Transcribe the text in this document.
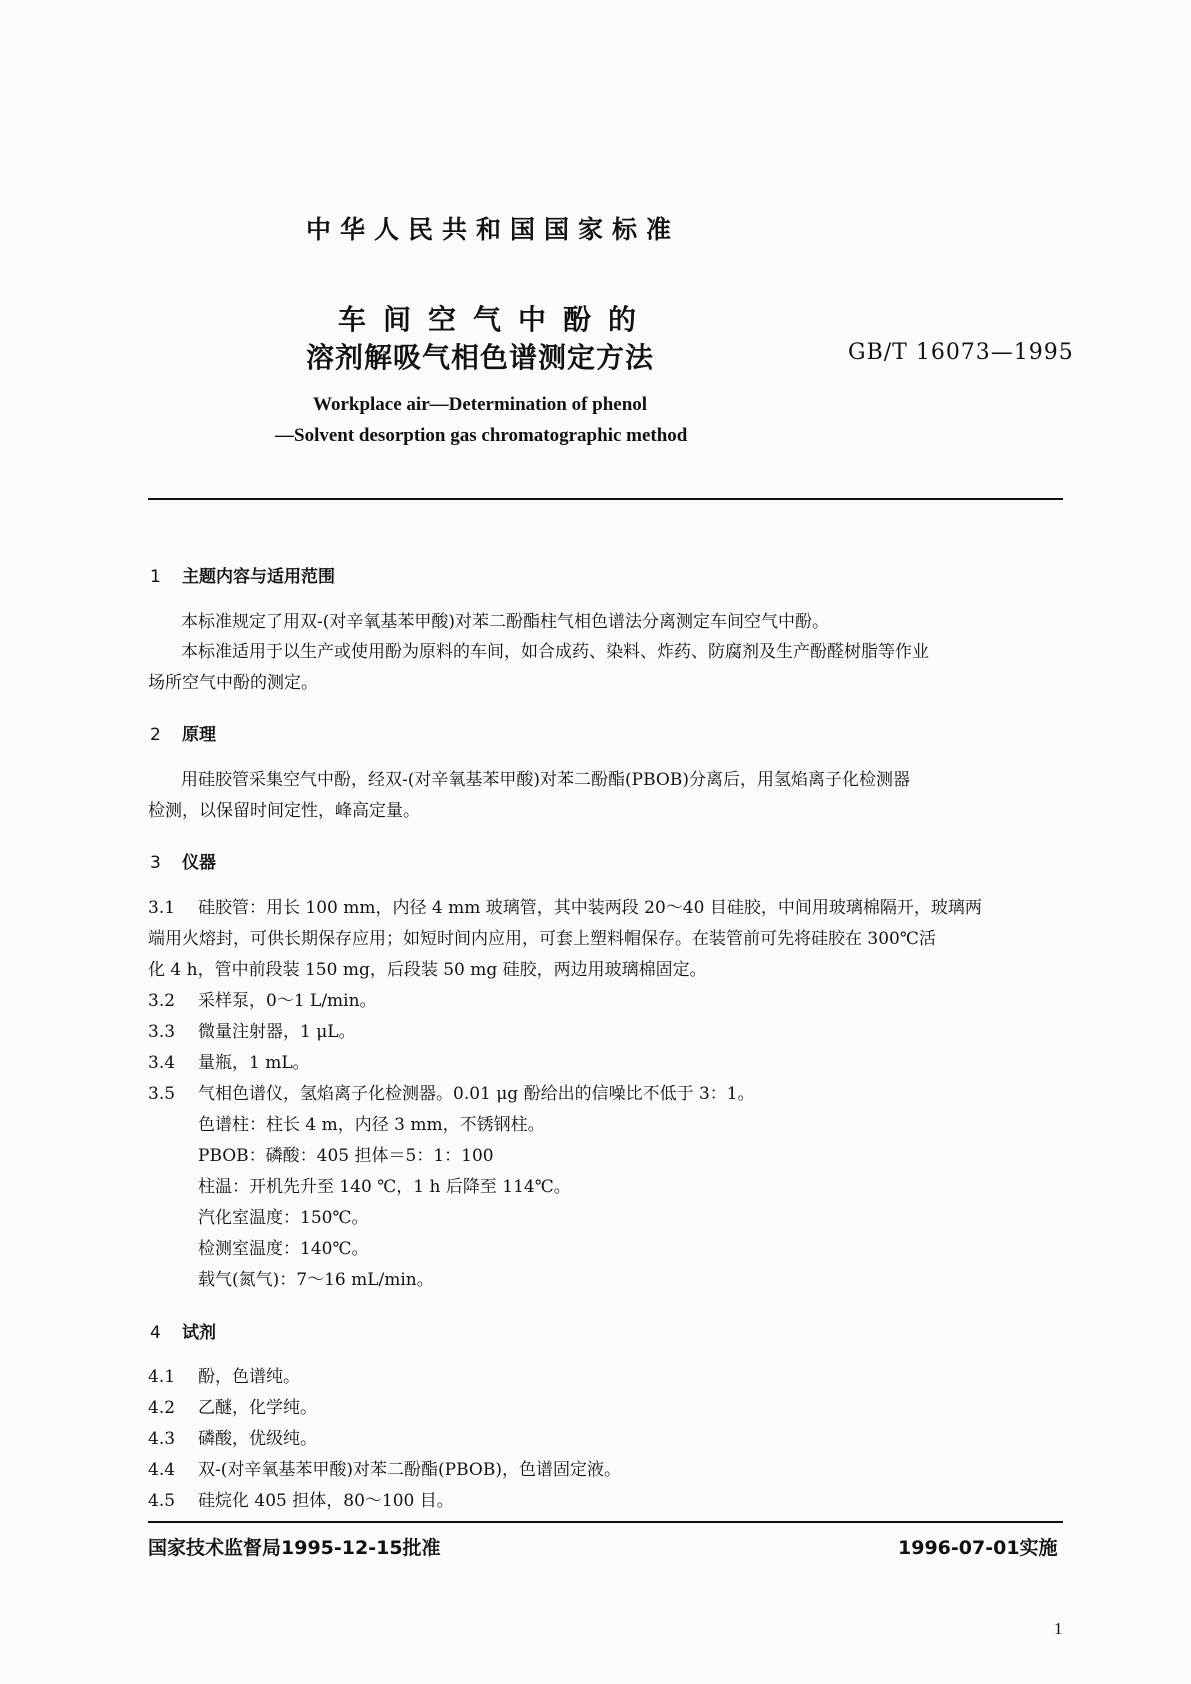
中华人民共和国国家标准
车间空气中酚的
溶剂解吸气相色谱测定方法	GB/T 16073—1995
Workplace air—Determination of phenol
—Solvent desorption gas chromatographic method
1 主题内容与适用范围
本标准规定了用双-(对辛氧基苯甲酸)对苯二酚酯柱气相色谱法分离测定车间空气中酚。
本标准适用于以生产或使用酚为原料的车间，如合成药、染料、炸药、防腐剂及生产酚醛树脂等作业
场所空气中酚的测定。
2 原理
用硅胶管采集空气中酚，经双-(对辛氧基苯甲酸)对苯二酚酯(PBOB)分离后，用氢焰离子化检测器
检测，以保留时间定性，峰高定量。
3 仪器
3.1 硅胶管：用长 100 mm，内径 4 mm 玻璃管，其中装两段 20～40 目硅胶，中间用玻璃棉隔开，玻璃两
端用火熔封，可供长期保存应用；如短时间内应用，可套上塑料帽保存。在装管前可先将硅胶在 300℃活
化 4 h，管中前段装 150 mg，后段装 50 mg 硅胶，两边用玻璃棉固定。
3.2 采样泵，0～1 L/min。
3.3 微量注射器，1 μL。
3.4 量瓶，1 mL。
3.5 气相色谱仪，氢焰离子化检测器。0.01 μg 酚给出的信噪比不低于 3：1。
色谱柱：柱长 4 m，内径 3 mm，不锈钢柱。
PBOB：磷酸：405 担体＝5：1：100
柱温：开机先升至 140 ℃，1 h 后降至 114℃。
汽化室温度：150℃。
检测室温度：140℃。
载气(氮气)：7～16 mL/min。
4 试剂
4.1 酚，色谱纯。
4.2 乙醚，化学纯。
4.3 磷酸，优级纯。
4.4 双-(对辛氧基苯甲酸)对苯二酚酯(PBOB)，色谱固定液。
4.5 硅烷化 405 担体，80～100 目。
国家技术监督局1995-12-15批准	1996-07-01实施
1
